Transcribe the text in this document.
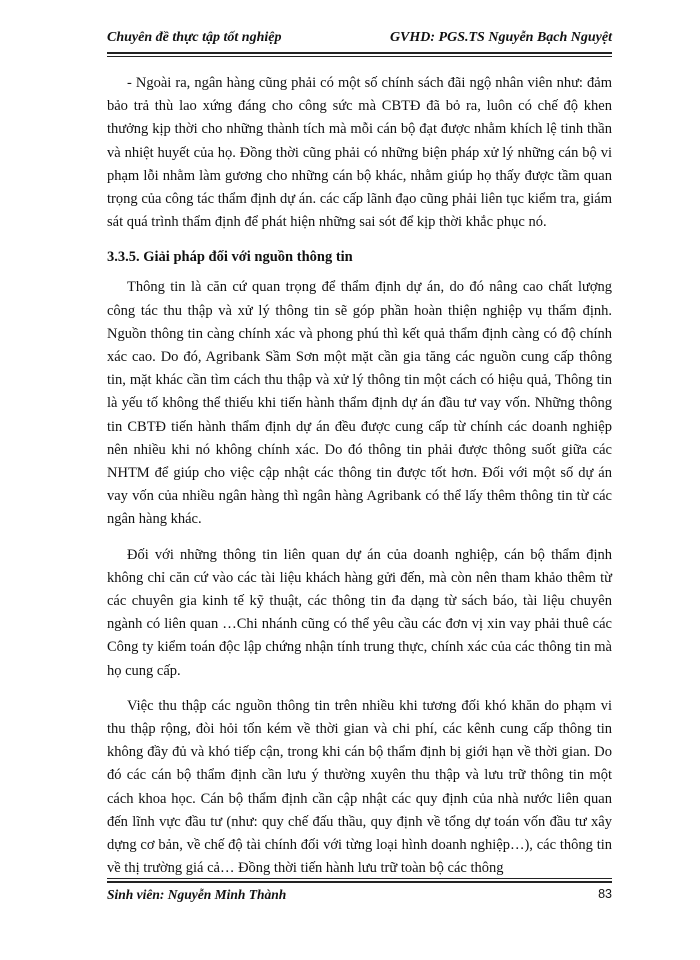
Chuyên đề thực tập tốt nghiệp	GVHD: PGS.TS Nguyễn Bạch Nguyệt

- Ngoài ra, ngân hàng cũng phải có một số chính sách đãi ngộ nhân viên như: đảm bảo trả thù lao xứng đáng cho công sức mà CBTĐ đã bỏ ra, luôn có chế độ khen thưởng kịp thời cho những thành tích mà mỗi cán bộ đạt được nhằm khích lệ tinh thần và nhiệt huyết của họ. Đồng thời cũng phải có những biện pháp xử lý những cán bộ vi phạm lỗi nhằm làm gương cho những cán bộ khác, nhằm giúp họ thấy được tầm quan trọng của công tác thẩm định dự án. các cấp lãnh đạo cũng phải liên tục kiểm tra, giám sát quá trình thẩm định để phát hiện những sai sót để kịp thời khắc phục nó.

3.3.5. Giải pháp đối với nguồn thông tin

Thông tin là căn cứ quan trọng để thẩm định dự án, do đó nâng cao chất lượng công tác thu thập và xử lý thông tin sẽ góp phần hoàn thiện nghiệp vụ thẩm định. Nguồn thông tin càng chính xác và phong phú thì kết quả thẩm định càng có độ chính xác cao. Do đó, Agribank Sầm Sơn một mặt cần gia tăng các nguồn cung cấp thông tin, mặt khác cần tìm cách thu thập và xử lý thông tin một cách có hiệu quả, Thông tin là yếu tố không thể thiếu khi tiến hành thẩm định dự án đầu tư vay vốn. Những thông tin CBTĐ tiến hành thẩm định dự án đều được cung cấp từ chính các doanh nghiệp nên nhiều khi nó không chính xác. Do đó thông tin phải được thông suốt giữa các NHTM để giúp cho việc cập nhật các thông tin được tốt hơn. Đối với một số dự án vay vốn của nhiều ngân hàng thì ngân hàng Agribank có thể lấy thêm thông tin từ các ngân hàng khác.

Đối với những thông tin liên quan dự án của doanh nghiệp, cán bộ thẩm định không chỉ căn cứ vào các tài liệu khách hàng gửi đến, mà còn nên tham khảo thêm từ các chuyên gia kinh tế kỹ thuật, các thông tin đa dạng từ sách báo, tài liệu chuyên ngành có liên quan …Chi nhánh cũng có thể yêu cầu các đơn vị xin vay phải thuê các Công ty kiểm toán độc lập chứng nhận tính trung thực, chính xác của các thông tin mà họ cung cấp.

Việc thu thập các nguồn thông tin trên nhiều khi tương đối khó khăn do phạm vi thu thập rộng, đòi hỏi tốn kém về thời gian và chi phí, các kênh cung cấp thông tin không đầy đủ và khó tiếp cận, trong khi cán bộ thẩm định bị giới hạn về thời gian. Do đó các cán bộ thẩm định cần lưu ý thường xuyên thu thập và lưu trữ thông tin một cách khoa học. Cán bộ thẩm định cần cập nhật các quy định của nhà nước liên quan đến lĩnh vực đầu tư (như: quy chế đấu thầu, quy định về tổng dự toán vốn đầu tư xây dựng cơ bản, về chế độ tài chính đối với từng loại hình doanh nghiệp…), các thông tin về thị trường giá cả… Đồng thời tiến hành lưu trữ toàn bộ các thông

Sinh viên: Nguyễn Minh Thành	83
